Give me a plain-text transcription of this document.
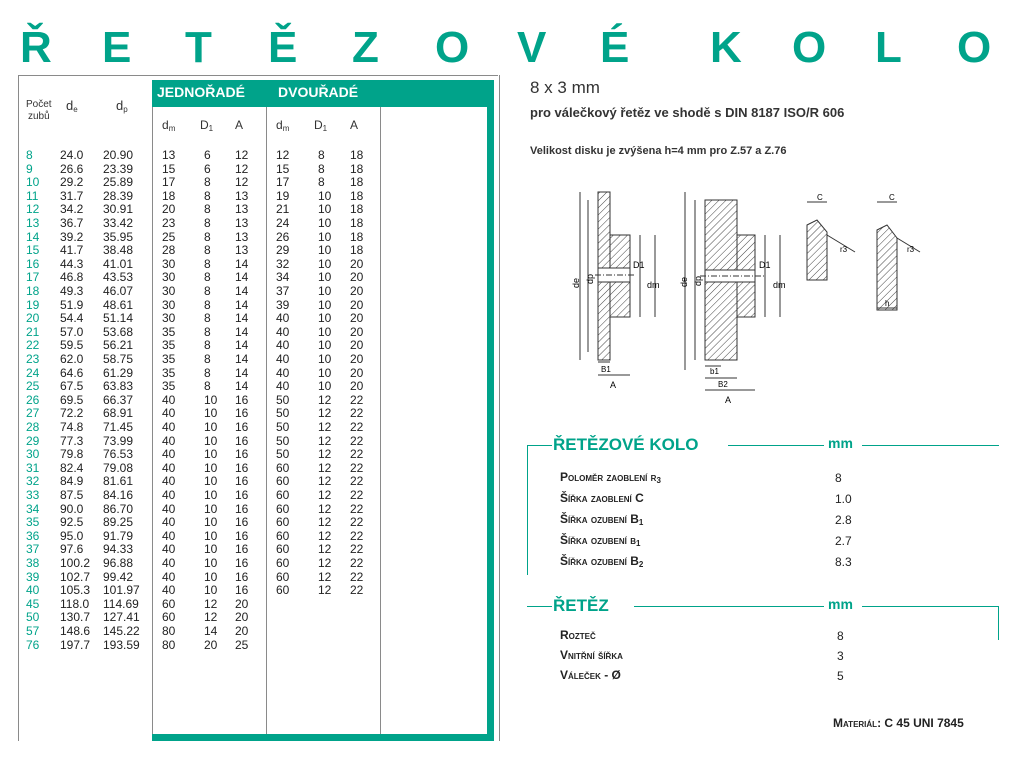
Ř E T Ě Z O V É K O L O
JEDNOŘADÉ DVOUŘADÉ
Počet
zubů
$d_e$	$d_p$
$d_m$ $D_1$ A	$d_m$ $D_1$ A
8 24.0 20.90 13 6 12 12 8 18
9 26.6 23.39 15 6 12 15 8 18
10 29.2 25.89 17 8 12 17 8 18
11 31.7 28.39 18 8 13 19 10 18
12 34.2 30.91 20 8 13 21 10 18
13 36.7 33.42 23 8 13 24 10 18
14 39.2 35.95 25 8 13 26 10 18
15 41.7 38.48 28 8 13 29 10 18
16 44.3 41.01 30 8 14 32 10 20
17 46.8 43.53 30 8 14 34 10 20
18 49.3 46.07 30 8 14 37 10 20
19 51.9 48.61 30 8 14 39 10 20
20 54.4 51.14 30 8 14 40 10 20
21 57.0 53.68 35 8 14 40 10 20
22 59.5 56.21 35 8 14 40 10 20
23 62.0 58.75 35 8 14 40 10 20
24 64.6 61.29 35 8 14 40 10 20
25 67.5 63.83 35 8 14 40 10 20
26 69.5 66.37 40 10 16 50 12 22
27 72.2 68.91 40 10 16 50 12 22
28 74.8 71.45 40 10 16 50 12 22
29 77.3 73.99 40 10 16 50 12 22
30 79.8 76.53 40 10 16 50 12 22
31 82.4 79.08 40 10 16 60 12 22
32 84.9 81.61 40 10 16 60 12 22
33 87.5 84.16 40 10 16 60 12 22
34 90.0 86.70 40 10 16 60 12 22
35 92.5 89.25 40 10 16 60 12 22
36 95.0 91.79 40 10 16 60 12 22
37 97.6 94.33 40 10 16 60 12 22
38 100.2 96.88 40 10 16 60 12 22
39 102.7 99.42 40 10 16 60 12 22
40 105.3 101.97 40 10 16 60 12 22
45 118.0 114.69 60 12 20
50 130.7 127.41 60 12 20
57 148.6 145.22 80 14 20
76 197.7 193.59 80 20 25
8 x 3 mm
pro válečkový řetěz ve shodě s DIN 8187 ISO/R 606
Velikost disku je zvýšena h=4 mm pro Z.57 a Z.76
de dp
D1
dm
B1
A
de dp
D1
dm
b1
B2
A
C
r3
C
r3
h
ŘETĚZOVÉ KOLO	mm
Poloměr zaoblení $r_3$	8
Šířka zaoblení C	1.0
Šířka ozubení $B_1$	2.8
Šířka ozubení $b_1$	2.7
Šířka ozubení $B_2$	8.3
ŘETĚZ	mm
Rozteč	8
Vnitřní šířka	3
Váleček - Ø	5
Materiál: C 45 UNI 7845
